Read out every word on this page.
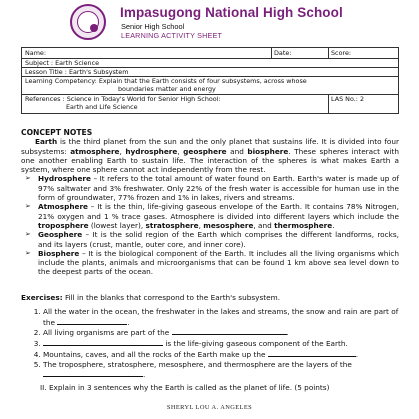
Impasugong National High School
Senior High School
LEARNING ACTIVITY SHEET
Name:	Date:	Score:
Subject : Earth Science
Lesson Title : Earth's Subsystem
Learning Competency: Explain that the Earth consists of four subsystems, across whose
boundaries matter and energy
References : Science in Today's World for Senior High School:
Earth and Life Science
LAS No.: 2
CONCEPT NOTES

Earth is the third planet from the sun and the only planet that sustains life. It is divided into four subsystems: atmosphere, hydrosphere, geosphere and biosphere. These spheres interact with one another enabling Earth to sustain life. The interaction of the spheres is what makes Earth a system, where one sphere cannot act independently from the rest.

➢ Hydrosphere – It refers to the total amount of water found on Earth. Earth's water is made up of 97% saltwater and 3% freshwater. Only 22% of the fresh water is accessible for human use in the form of groundwater, 77% frozen and 1% in lakes, rivers and streams.
➢ Atmosphere – It is the thin, life-giving gaseous envelope of the Earth. It contains 78% Nitrogen, 21% oxygen and 1 % trace gases. Atmosphere is divided into different layers which include the troposphere (lowest layer), stratosphere, mesosphere, and thermosphere.
➢ Geosphere – It is the solid region of the Earth which comprises the different landforms, rocks, and its layers (crust, mantle, outer core, and inner core).
➢ Biosphere – It is the biological component of the Earth. It includes all the living organisms which include the plants, animals and microorganisms that can be found 1 km above sea level down to the deepest parts of the ocean.
Exercises: Fill in the blanks that correspond to the Earth's subsystem.
1. All the water in the ocean, the freshwater in the lakes and streams, the snow and rain are part of the	.
2. All living organisms are part of the	.
3. is the life-giving gaseous component of the Earth.
4. Mountains, caves, and all the rocks of the Earth make up the	.
5. The troposphere, stratosphere, mesosphere, and thermosphere are the layers of the .
II. Explain in 3 sentences why the Earth is called as the planet of life. (5 points)
SHERYL LOU A. ANGELES
